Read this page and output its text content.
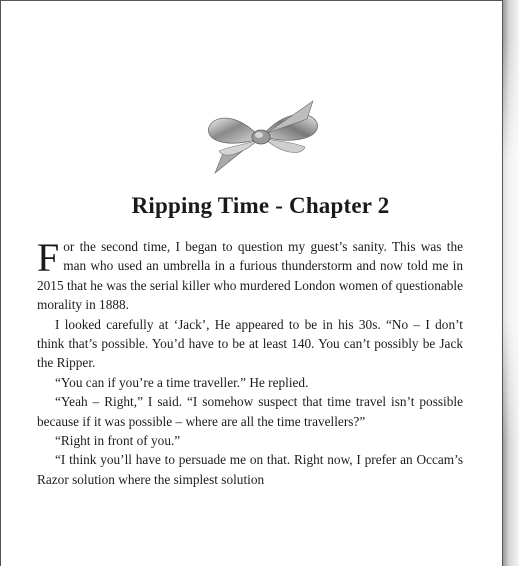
Ripping Time - Chapter 2

For the second time, I began to question my guest’s sanity. This was the man who used an umbrella in a furious thunderstorm and now told me in 2015 that he was the serial killer who murdered London women of questionable morality in 1888.

I looked carefully at ‘Jack’, He appeared to be in his 30s. “No – I don’t think that’s possible. You’d have to be at least 140. You can’t possibly be Jack the Ripper.

“You can if you’re a time traveller.” He replied.

“Yeah – Right,” I said. “I somehow suspect that time travel isn’t possible because if it was possible – where are all the time travellers?”

“Right in front of you.”

“I think you’ll have to persuade me on that. Right now, I prefer an Occam’s Razor solution where the simplest solution
